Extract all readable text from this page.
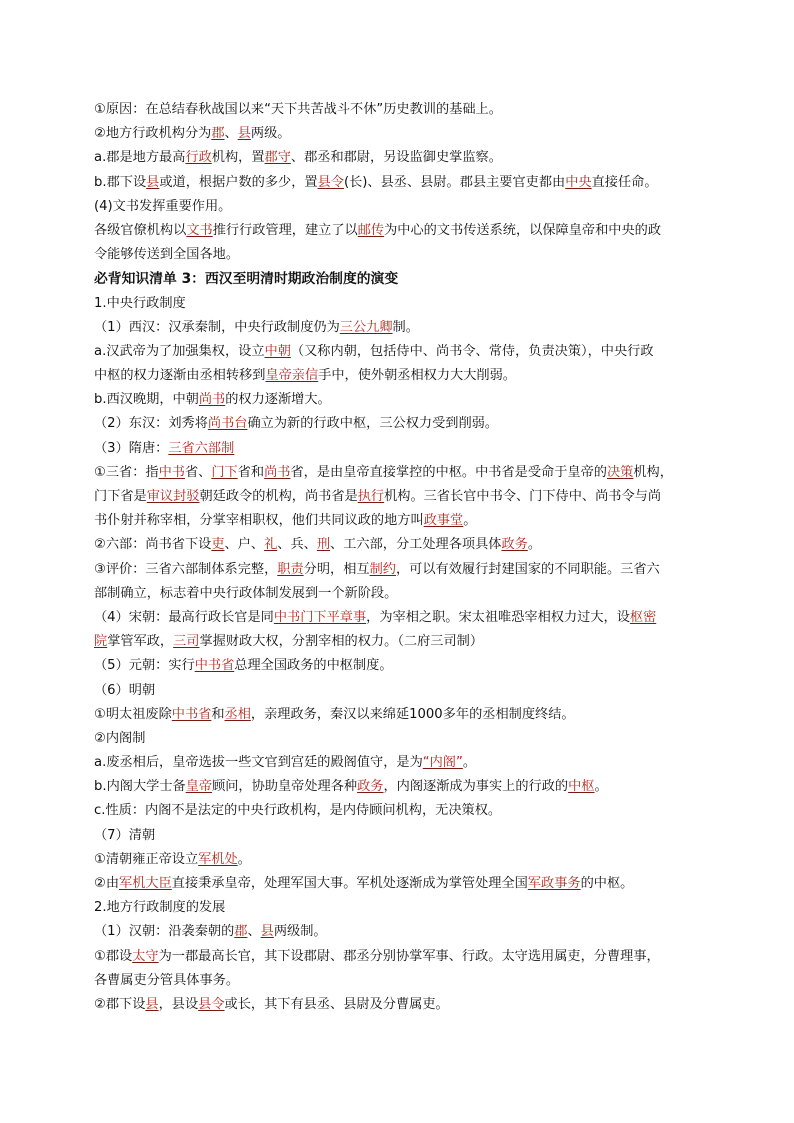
①原因：在总结春秋战国以来“天下共苦战斗不休”历史教训的基础上。
②地方行政机构分为郡、县两级。
a.郡是地方最高行政机构，置郡守、郡丞和郡尉，另设监御史掌监察。
b.郡下设县或道，根据户数的多少，置县令(长)、县丞、县尉。郡县主要官吏都由中央直接任命。
(4)文书发挥重要作用。
各级官僚机构以文书推行行政管理，建立了以邮传为中心的文书传送系统，以保障皇帝和中央的政
令能够传送到全国各地。
必背知识清单 3：西汉至明清时期政治制度的演变
1.中央行政制度
（1）西汉：汉承秦制，中央行政制度仍为三公九卿制。
a.汉武帝为了加强集权，设立中朝（又称内朝，包括侍中、尚书令、常侍，负责决策），中央行政
中枢的权力逐渐由丞相转移到皇帝亲信手中，使外朝丞相权力大大削弱。
b.西汉晚期，中朝尚书的权力逐渐增大。
（2）东汉：刘秀将尚书台确立为新的行政中枢，三公权力受到削弱。
（3）隋唐：三省六部制
①三省：指中书省、门下省和尚书省，是由皇帝直接掌控的中枢。中书省是受命于皇帝的决策机构，
门下省是审议封驳朝廷政令的机构，尚书省是执行机构。三省长官中书令、门下侍中、尚书令与尚
书仆射并称宰相，分掌宰相职权，他们共同议政的地方叫政事堂。
②六部：尚书省下设吏、户、礼、兵、刑、工六部，分工处理各项具体政务。
③评价：三省六部制体系完整，职责分明，相互制约，可以有效履行封建国家的不同职能。三省六
部制确立，标志着中央行政体制发展到一个新阶段。
（4）宋朝：最高行政长官是同中书门下平章事，为宰相之职。宋太祖唯恐宰相权力过大，设枢密
院掌管军政，三司掌握财政大权，分割宰相的权力。（二府三司制）
（5）元朝：实行中书省总理全国政务的中枢制度。
（6）明朝
①明太祖废除中书省和丞相，亲理政务，秦汉以来绵延1000多年的丞相制度终结。
②内阁制
a.废丞相后，皇帝选拔一些文官到宫廷的殿阁值守，是为“内阁”。
b.内阁大学士备皇帝顾问，协助皇帝处理各种政务，内阁逐渐成为事实上的行政的中枢。
c.性质：内阁不是法定的中央行政机构，是内侍顾问机构，无决策权。
（7）清朝
①清朝雍正帝设立军机处。
②由军机大臣直接秉承皇帝，处理军国大事。军机处逐渐成为掌管处理全国军政事务的中枢。
2.地方行政制度的发展
（1）汉朝：沿袭秦朝的郡、县两级制。
①郡设太守为一郡最高长官，其下设郡尉、郡丞分别协掌军事、行政。太守选用属吏，分曹理事，
各曹属吏分管具体事务。
②郡下设县，县设县令或长，其下有县丞、县尉及分曹属吏。
